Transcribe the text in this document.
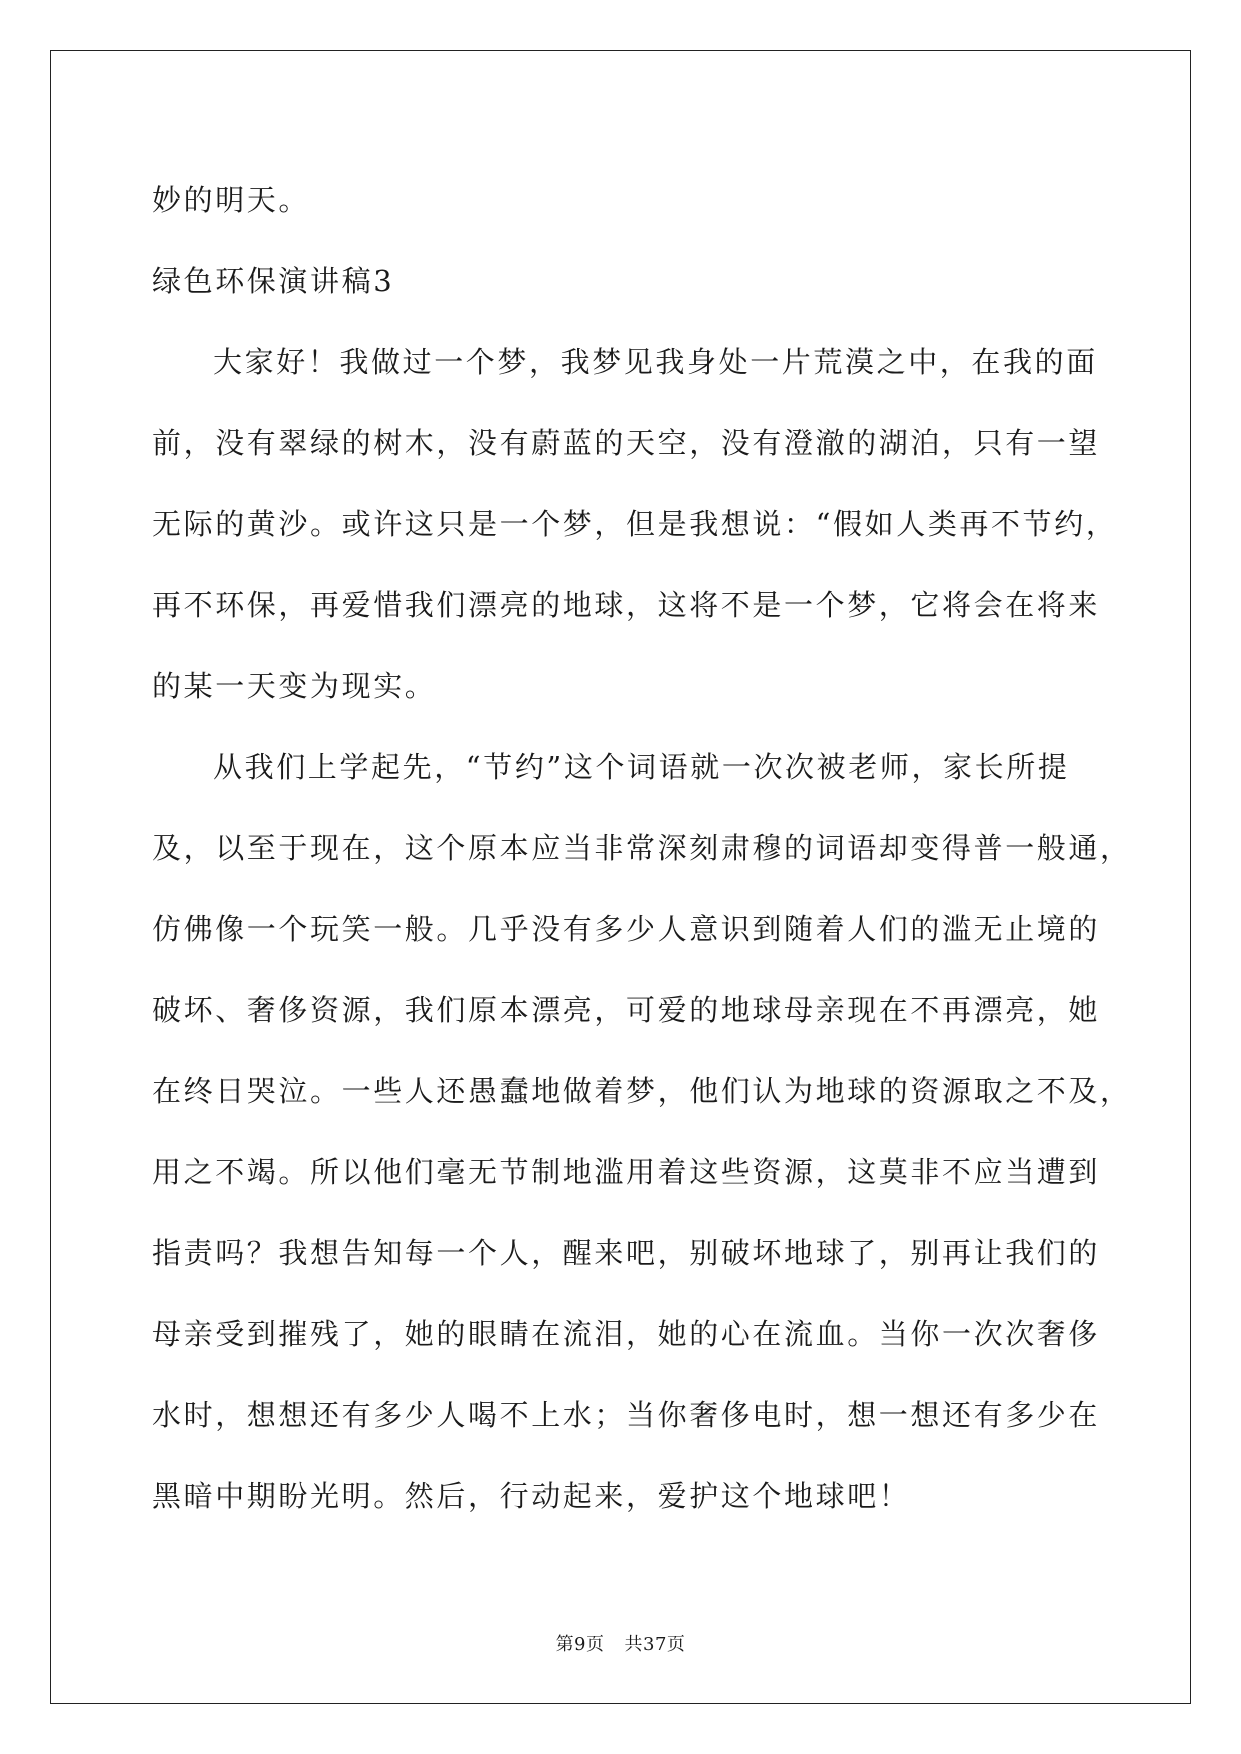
妙的明天。

绿色环保演讲稿3

大家好！我做过一个梦，我梦见我身处一片荒漠之中，在我的面

前，没有翠绿的树木，没有蔚蓝的天空，没有澄澈的湖泊，只有一望

无际的黄沙。或许这只是一个梦，但是我想说：“假如人类再不节约，

再不环保，再爱惜我们漂亮的地球，这将不是一个梦，它将会在将来

的某一天变为现实。

从我们上学起先，“节约”这个词语就一次次被老师，家长所提

及，以至于现在，这个原本应当非常深刻肃穆的词语却变得普一般通，

仿佛像一个玩笑一般。几乎没有多少人意识到随着人们的滥无止境的

破坏、奢侈资源，我们原本漂亮，可爱的地球母亲现在不再漂亮，她

在终日哭泣。一些人还愚蠢地做着梦，他们认为地球的资源取之不及，

用之不竭。所以他们毫无节制地滥用着这些资源，这莫非不应当遭到

指责吗？我想告知每一个人，醒来吧，别破坏地球了，别再让我们的

母亲受到摧残了，她的眼睛在流泪，她的心在流血。当你一次次奢侈

水时，想想还有多少人喝不上水；当你奢侈电时，想一想还有多少在

黑暗中期盼光明。然后，行动起来，爱护这个地球吧！

第9页 共37页
